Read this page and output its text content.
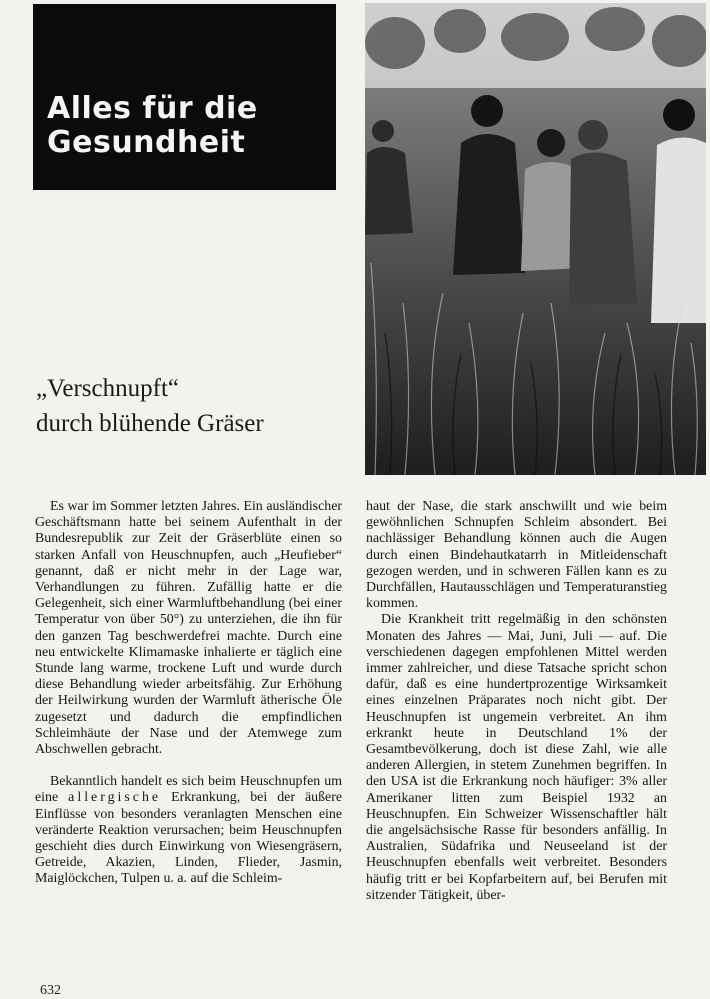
Alles für die
Gesundheit
„Verschnupft“
durch blühende Gräser

Es war im Sommer letzten Jahres. Ein ausländischer Geschäftsmann hatte bei seinem Aufenthalt in der Bundesrepublik zur Zeit der Gräserblüte einen so starken Anfall von Heuschnupfen, auch „Heufieber“ genannt, daß er nicht mehr in der Lage war, Verhandlungen zu führen. Zufällig hatte er die Gelegenheit, sich einer Warmluftbehandlung (bei einer Temperatur von über 50°) zu unterziehen, die ihn für den ganzen Tag beschwerdefrei machte. Durch eine neu entwickelte Klimamaske inhalierte er täglich eine Stunde lang warme, trockene Luft und wurde durch diese Behandlung wieder arbeitsfähig. Zur Erhöhung der Heilwirkung wurden der Warmluft ätherische Öle zugesetzt und dadurch die empfindlichen Schleimhäute der Nase und der Atemwege zum Abschwellen gebracht.

Bekanntlich handelt es sich beim Heuschnupfen um eine allergische Erkrankung, bei der äußere Einflüsse von besonders veranlagten Menschen eine veränderte Reaktion verursachen; beim Heuschnupfen geschieht dies durch Einwirkung von Wiesengräsern, Getreide, Akazien, Linden, Flieder, Jasmin, Maiglöckchen, Tulpen u. a. auf die Schleim-

haut der Nase, die stark anschwillt und wie beim gewöhnlichen Schnupfen Schleim absondert. Bei nachlässiger Behandlung können auch die Augen durch einen Bindehautkatarrh in Mitleidenschaft gezogen werden, und in schweren Fällen kann es zu Durchfällen, Hautausschlägen und Temperaturanstieg kommen.

Die Krankheit tritt regelmäßig in den schönsten Monaten des Jahres — Mai, Juni, Juli — auf. Die verschiedenen dagegen empfohlenen Mittel werden immer zahlreicher, und diese Tatsache spricht schon dafür, daß es eine hundertprozentige Wirksamkeit eines einzelnen Präparates noch nicht gibt. Der Heuschnupfen ist ungemein verbreitet. An ihm erkrankt heute in Deutschland 1% der Gesamtbevölkerung, doch ist diese Zahl, wie alle anderen Allergien, in stetem Zunehmen begriffen. In den USA ist die Erkrankung noch häufiger: 3% aller Amerikaner litten zum Beispiel 1932 an Heuschnupfen. Ein Schweizer Wissenschaftler hält die angelsächsische Rasse für besonders anfällig. In Australien, Südafrika und Neuseeland ist der Heuschnupfen ebenfalls weit verbreitet. Besonders häufig tritt er bei Kopfarbeitern auf, bei Berufen mit sitzender Tätigkeit, über-

632
